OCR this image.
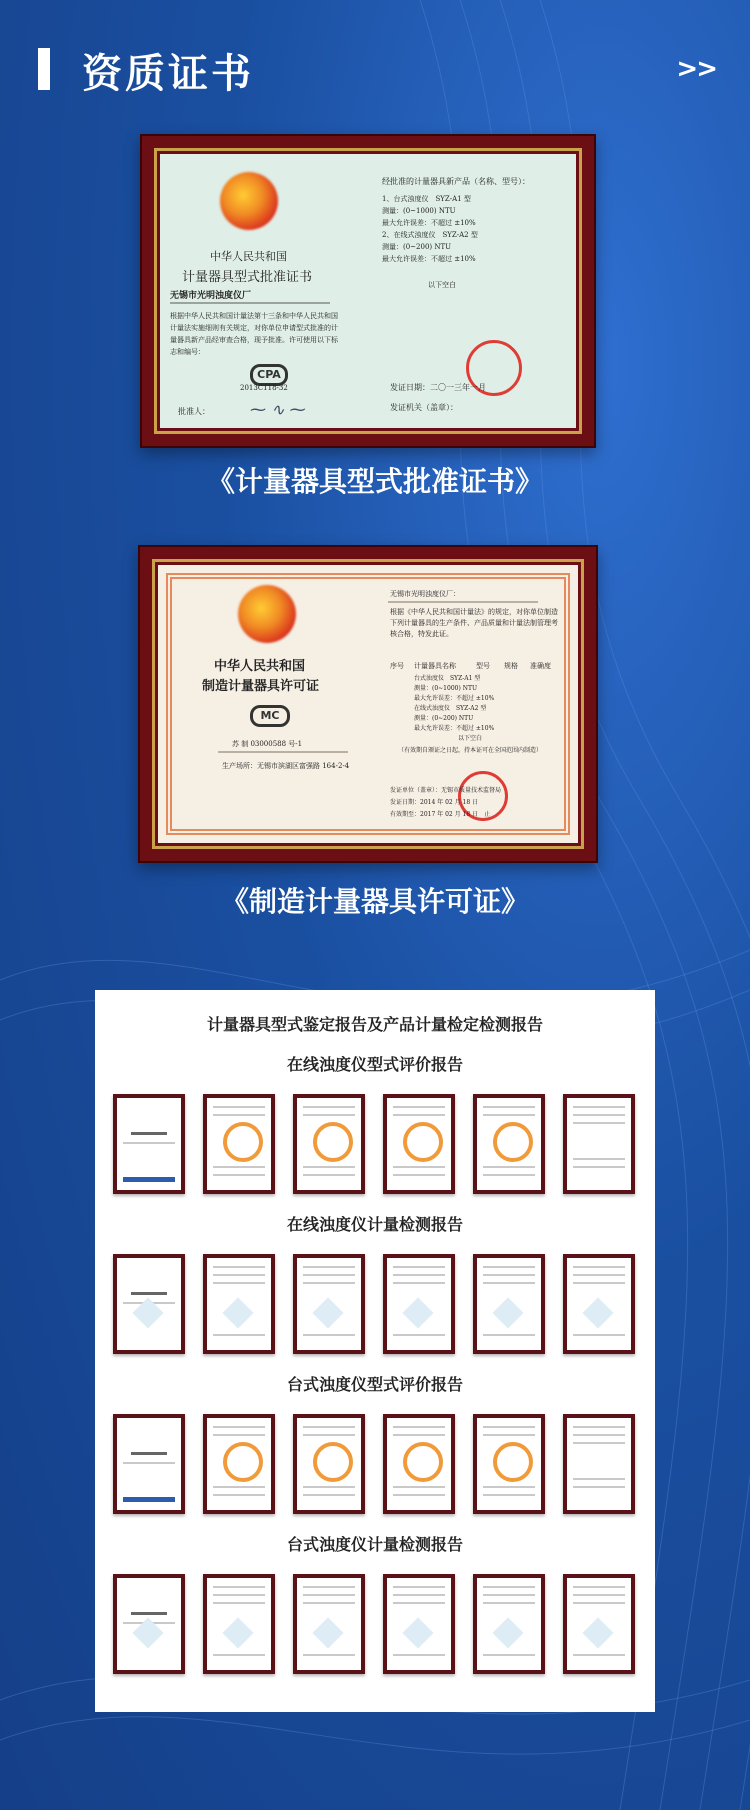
资质证书	>>
中华人民共和国
计量器具型式批准证书
无锡市光明浊度仪厂
根据中华人民共和国计量法第十三条和中华人民共和国计量法实施细则有关规定，对你单位申请型式批准的计量器具新产品经审查合格，现予批准。许可使用以下标志和编号：
CPA
2013C118-32
批准人：	⁓ ∿ ⁓
经批准的计量器具新产品（名称、型号）：
1、台式浊度仪　SYZ-A1 型
测量：(0~1000) NTU
最大允许误差：不超过 ±10%
2、在线式浊度仪　SYZ-A2 型
测量：(0~200) NTU
最大允许误差：不超过 ±10%
以下空白
发证日期：二〇一三年一月
发证机关（盖章）：
《计量器具型式批准证书》
中华人民共和国
制造计量器具许可证
MC
苏 制 03000588 号-1
生产场所：无锡市滨湖区富强路 164-2-4
无锡市光明浊度仪厂：
根据《中华人民共和国计量法》的规定，对你单位制造下列计量器具的生产条件、产品质量和计量法制管理考核合格，特发此证。
序号 计量器具名称	型号 规格 准确度
台式浊度仪　SYZ-A1 型
测量：(0~1000) NTU
最大允许误差：不超过 ±10%
在线式浊度仪　SYZ-A2 型
测量：(0~200) NTU
最大允许误差：不超过 ±10%
以下空白
（有效期自颁证之日起，持本证可在全国范围内制造）
发证单位（盖章）：无锡市质量技术监督局
发证日期：2014 年 02 月 18 日
有效期至：2017 年 02 月 18 日　止
《制造计量器具许可证》
计量器具型式鉴定报告及产品计量检定检测报告
在线浊度仪型式评价报告
在线浊度仪计量检测报告
台式浊度仪型式评价报告
台式浊度仪计量检测报告
